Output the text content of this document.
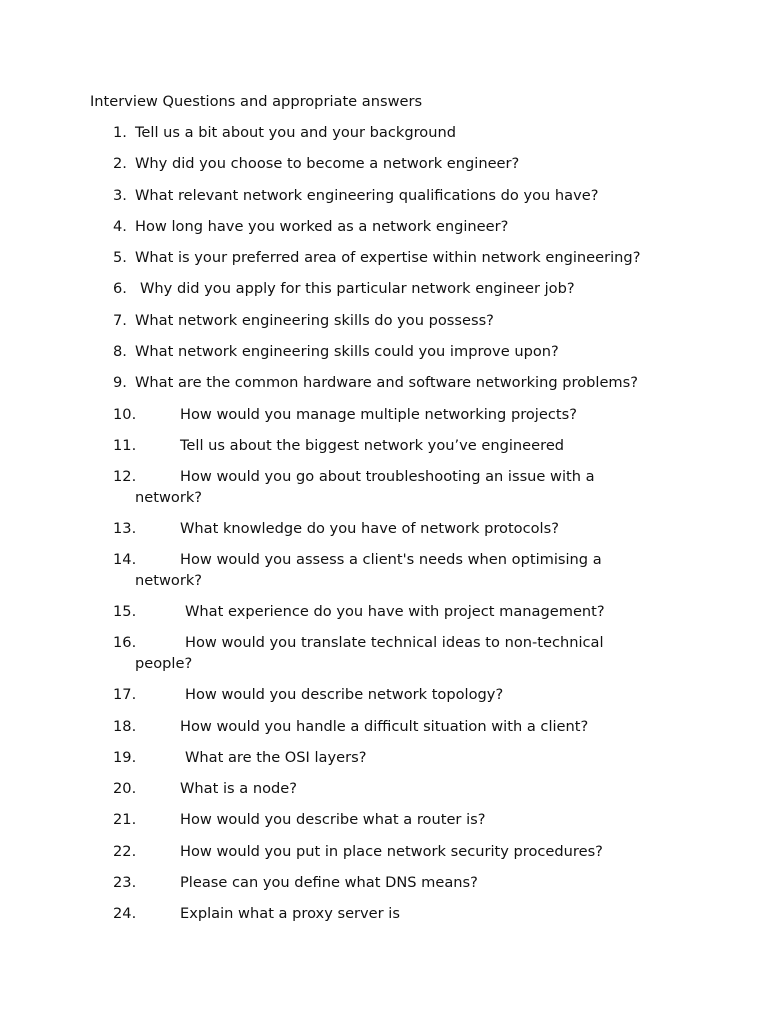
Interview Questions and appropriate answers
1. Tell us a bit about you and your background
2. Why did you choose to become a network engineer?
3. What relevant network engineering qualifications do you have?
4. How long have you worked as a network engineer?
5. What is your preferred area of expertise within network engineering?
6. Why did you apply for this particular network engineer job?
7. What network engineering skills do you possess?
8. What network engineering skills could you improve upon?
9. What are the common hardware and software networking problems?
10.	How would you manage multiple networking projects?
11.	Tell us about the biggest network you’ve engineered
12.	How would you go about troubleshooting an issue with a network?
13.	What knowledge do you have of network protocols?
14.	How would you assess a client's needs when optimising a network?
15.	What experience do you have with project management?
16.	How would you translate technical ideas to non-technical people?
17.	How would you describe network topology?
18.	How would you handle a difficult situation with a client?
19.	What are the OSI layers?
20.	What is a node?
21.	How would you describe what a router is?
22.	How would you put in place network security procedures?
23.	Please can you define what DNS means?
24.	Explain what a proxy server is
